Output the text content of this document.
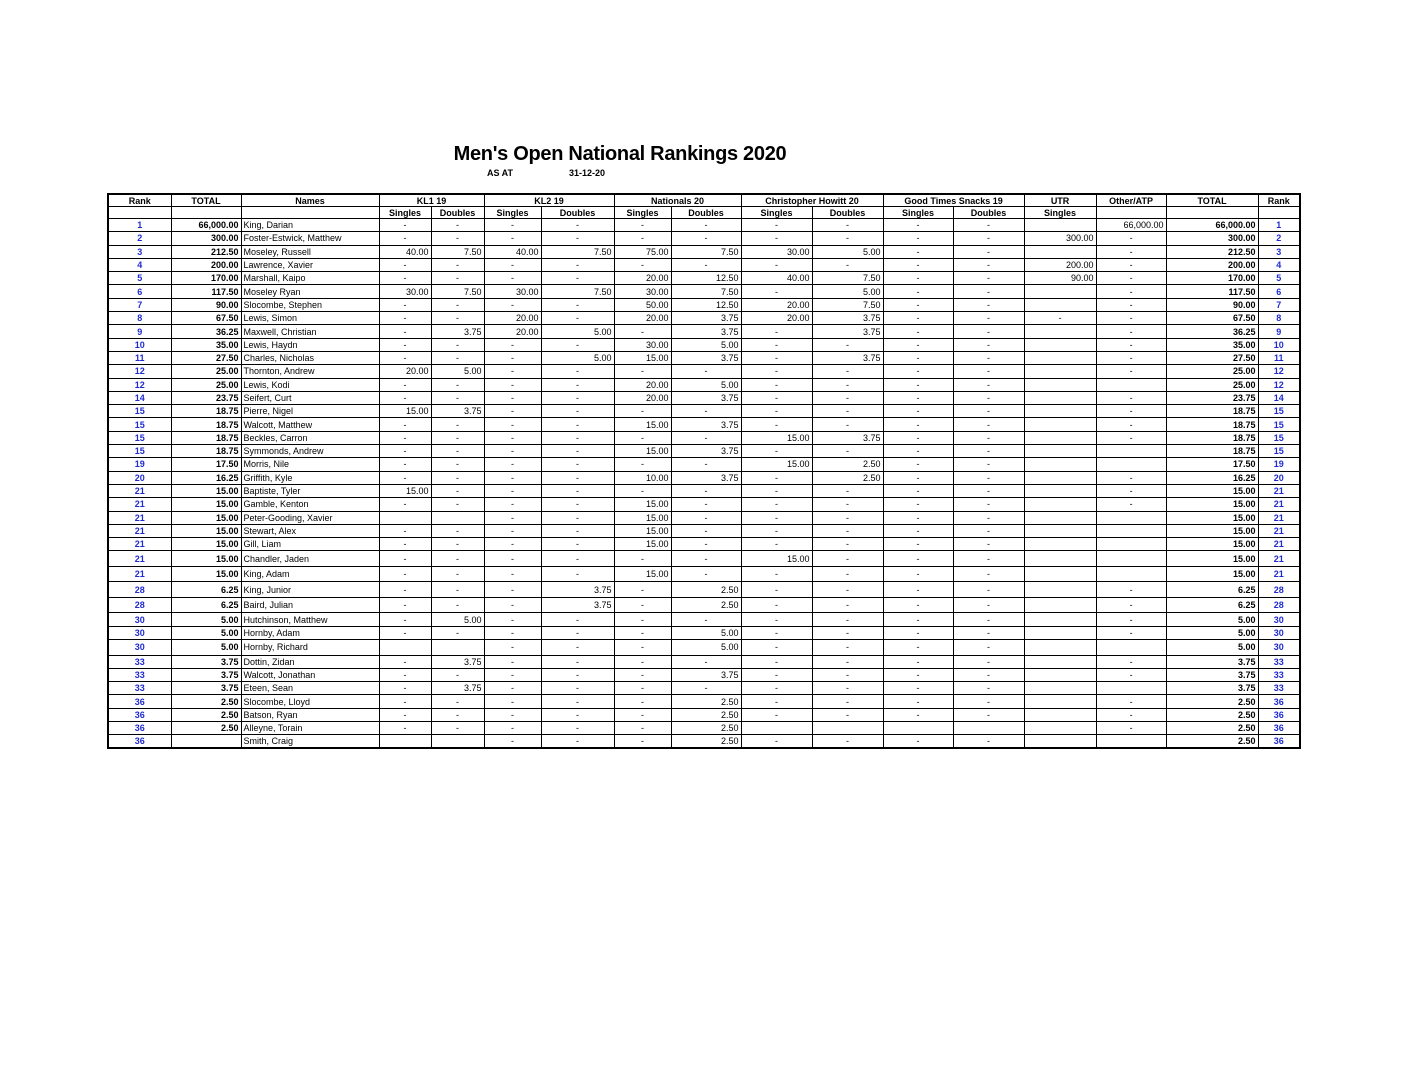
Men's Open National Rankings 2020
AS AT	31-12-20
Rank	TOTAL	Names	KL1 19		KL2 19		Nationals 20		Christopher Howitt 20		Good Times Snacks 19		UTR	Other/ATP	TOTAL	Rank
			Singles	Doubles	Singles	Doubles	Singles	Doubles	Singles	Doubles	Singles	Doubles	Singles			
1	66,000.00	King, Darian	-	-	-	-	-	-	-	-	-	-		66,000.00	66,000.00	1
2	300.00	Foster-Estwick, Matthew	-	-	-	-	-	-	-	-	-	-	300.00	-	300.00	2
3	212.50	Moseley, Russell	40.00	7.50	40.00	7.50	75.00	7.50	30.00	5.00	-	-		-	212.50	3
4	200.00	Lawrence, Xavier	-	-	-	-	-	-	-	-	-	-	200.00	-	200.00	4
5	170.00	Marshall, Kaipo	-	-	-	-	20.00	12.50	40.00	7.50	-	-	90.00	-	170.00	5
6	117.50	Moseley Ryan	30.00	7.50	30.00	7.50	30.00	7.50	-	5.00	-	-		-	117.50	6
7	90.00	Slocombe, Stephen	-	-	-	-	50.00	12.50	20.00	7.50	-	-		-	90.00	7
8	67.50	Lewis, Simon	-	-	20.00	-	20.00	3.75	20.00	3.75	-	-	-	-	67.50	8
9	36.25	Maxwell, Christian	-	3.75	20.00	5.00	-	3.75	-	3.75	-	-		-	36.25	9
10	35.00	Lewis, Haydn	-	-	-	-	30.00	5.00	-	-	-	-		-	35.00	10
11	27.50	Charles, Nicholas	-	-	-	5.00	15.00	3.75	-	3.75	-	-		-	27.50	11
12	25.00	Thornton, Andrew	20.00	5.00	-	-	-	-	-	-	-	-		-	25.00	12
12	25.00	Lewis, Kodi	-	-	-	-	20.00	5.00	-	-	-	-			25.00	12
14	23.75	Seifert, Curt	-	-	-	-	20.00	3.75	-	-	-	-		-	23.75	14
15	18.75	Pierre, Nigel	15.00	3.75	-	-	-	-	-	-	-	-		-	18.75	15
15	18.75	Walcott, Matthew	-	-	-	-	15.00	3.75	-	-	-	-		-	18.75	15
15	18.75	Beckles, Carron	-	-	-	-	-	-	15.00	3.75	-	-		-	18.75	15
15	18.75	Symmonds, Andrew	-	-	-	-	15.00	3.75	-	-	-	-			18.75	15
19	17.50	Morris, Nile	-	-	-	-	-	-	15.00	2.50	-	-			17.50	19
20	16.25	Griffith, Kyle	-	-	-	-	10.00	3.75	-	2.50	-	-		-	16.25	20
21	15.00	Baptiste, Tyler	15.00	-	-	-	-	-	-	-	-	-		-	15.00	21
21	15.00	Gamble, Kenton	-	-	-	-	15.00	-	-	-	-	-		-	15.00	21
21	15.00	Peter-Gooding, Xavier			-	-	15.00	-	-	-	-	-			15.00	21
21	15.00	Stewart, Alex	-	-	-	-	15.00	-	-	-	-	-			15.00	21
21	15.00	Gill, Liam	-	-	-	-	15.00	-	-	-	-	-			15.00	21
21	15.00	Chandler, Jaden	-	-	-	-	-	-	15.00	-	-	-			15.00	21
21	15.00	King, Adam	-	-	-	-	15.00	-	-	-	-	-			15.00	21
28	6.25	King, Junior	-	-	-	3.75	-	2.50	-	-	-	-		-	6.25	28
28	6.25	Baird, Julian	-	-	-	3.75	-	2.50	-	-	-	-		-	6.25	28
30	5.00	Hutchinson, Matthew	-	5.00	-	-	-	-	-	-	-	-		-	5.00	30
30	5.00	Hornby, Adam	-	-	-	-	-	5.00	-	-	-	-		-	5.00	30
30	5.00	Hornby, Richard			-	-	-	5.00	-	-	-	-			5.00	30
33	3.75	Dottin, Zidan	-	3.75	-	-	-	-	-	-	-	-		-	3.75	33
33	3.75	Walcott, Jonathan	-	-	-	-	-	3.75	-	-	-	-		-	3.75	33
33	3.75	Eteen, Sean	-	3.75	-	-	-	-	-	-	-	-			3.75	33
36	2.50	Slocombe, Lloyd	-	-	-	-	-	2.50	-	-	-	-		-	2.50	36
36	2.50	Batson, Ryan	-	-	-	-	-	2.50	-	-	-	-		-	2.50	36
36	2.50	Alleyne, Torain	-	-	-	-	-	2.50						-	2.50	36
36		Smith, Craig			-	-	-	2.50	-	-	-	-			2.50	36
